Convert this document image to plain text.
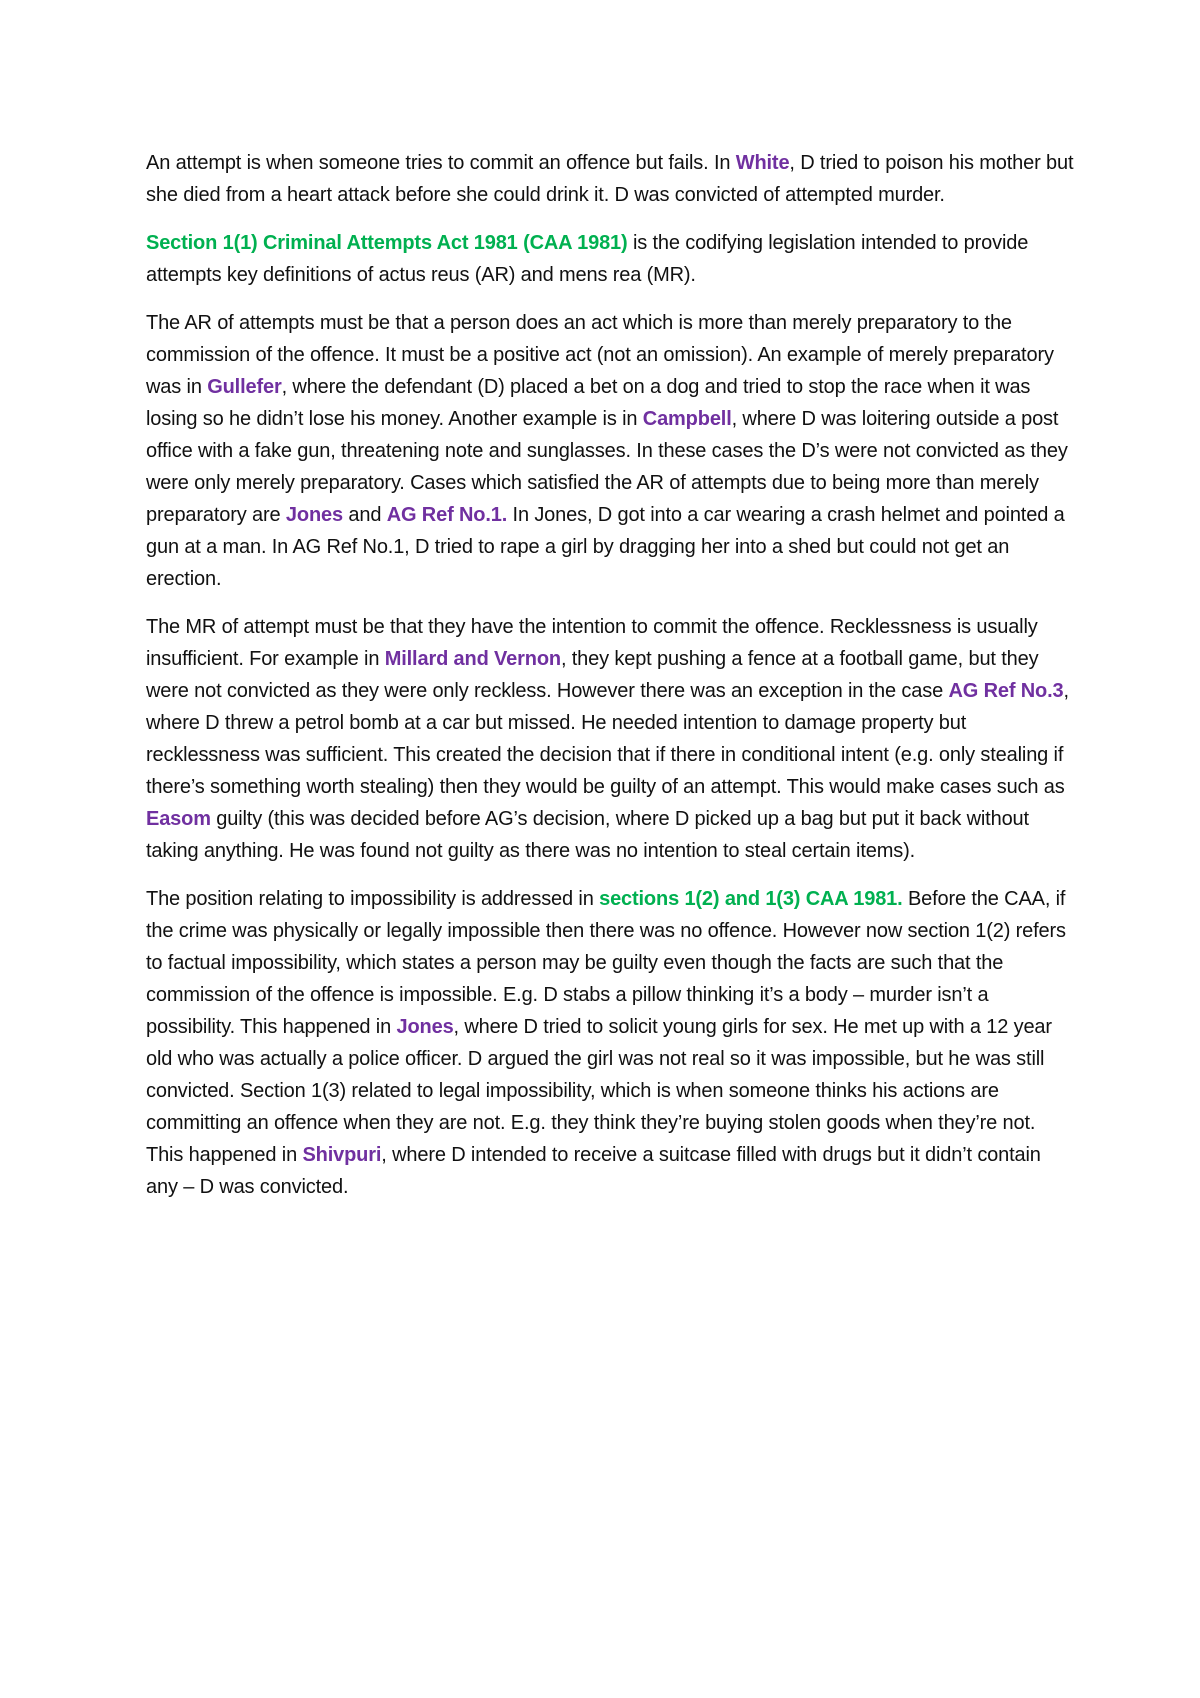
An attempt is when someone tries to commit an offence but fails. In White, D tried to poison his mother but she died from a heart attack before she could drink it. D was convicted of attempted murder.

Section 1(1) Criminal Attempts Act 1981 (CAA 1981) is the codifying legislation intended to provide attempts key definitions of actus reus (AR) and mens rea (MR).

The AR of attempts must be that a person does an act which is more than merely preparatory to the commission of the offence. It must be a positive act (not an omission). An example of merely preparatory was in Gullefer, where the defendant (D) placed a bet on a dog and tried to stop the race when it was losing so he didn’t lose his money. Another example is in Campbell, where D was loitering outside a post office with a fake gun, threatening note and sunglasses. In these cases the D’s were not convicted as they were only merely preparatory. Cases which satisfied the AR of attempts due to being more than merely preparatory are Jones and AG Ref No.1. In Jones, D got into a car wearing a crash helmet and pointed a gun at a man. In AG Ref No.1, D tried to rape a girl by dragging her into a shed but could not get an erection.

The MR of attempt must be that they have the intention to commit the offence. Recklessness is usually insufficient. For example in Millard and Vernon, they kept pushing a fence at a football game, but they were not convicted as they were only reckless. However there was an exception in the case AG Ref No.3, where D threw a petrol bomb at a car but missed. He needed intention to damage property but recklessness was sufficient. This created the decision that if there in conditional intent (e.g. only stealing if there’s something worth stealing) then they would be guilty of an attempt. This would make cases such as Easom guilty (this was decided before AG’s decision, where D picked up a bag but put it back without taking anything. He was found not guilty as there was no intention to steal certain items).

The position relating to impossibility is addressed in sections 1(2) and 1(3) CAA 1981. Before the CAA, if the crime was physically or legally impossible then there was no offence. However now section 1(2) refers to factual impossibility, which states a person may be guilty even though the facts are such that the commission of the offence is impossible. E.g. D stabs a pillow thinking it’s a body – murder isn’t a possibility. This happened in Jones, where D tried to solicit young girls for sex. He met up with a 12 year old who was actually a police officer. D argued the girl was not real so it was impossible, but he was still convicted. Section 1(3) related to legal impossibility, which is when someone thinks his actions are committing an offence when they are not. E.g. they think they’re buying stolen goods when they’re not. This happened in Shivpuri, where D intended to receive a suitcase filled with drugs but it didn’t contain any – D was convicted.
